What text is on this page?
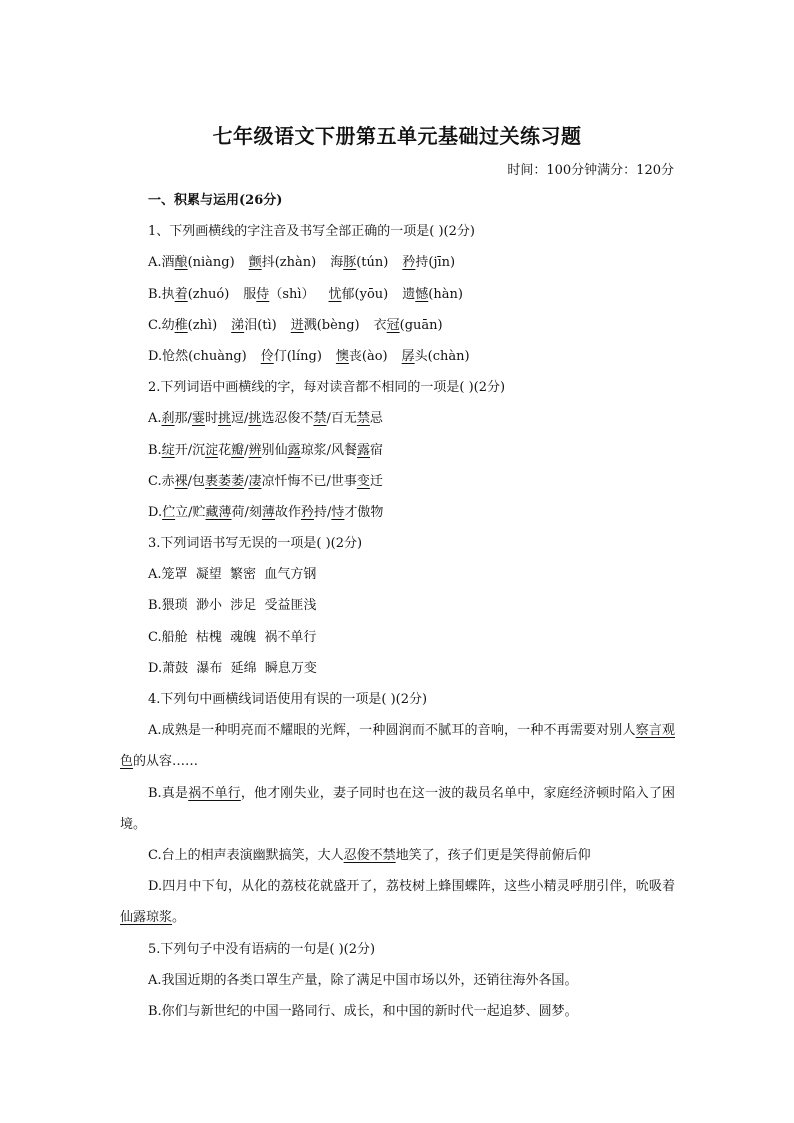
七年级语文下册第五单元基础过关练习题
时间：100分钟满分：120分
一、积累与运用(26分)
1、下列画横线的字注音及书写全部正确的一项是( )(2分)
A.酒酿(niàng) 颤抖(zhàn) 海豚(tún) 矜持(jīn)
B.执着(zhuó) 服侍（shì） 忧郁(yōu) 遗憾(hàn)
C.幼稚(zhì) 涕泪(tì) 迸溅(bèng) 衣冠(guān)
D.怆然(chuàng) 伶仃(líng) 懊丧(ào) 孱头(chàn)
2.下列词语中画横线的字，每对读音都不相同的一项是( )(2分)
A.刹那/霎时挑逗/挑选忍俊不禁/百无禁忌
B.绽开/沉淀花瓣/辨别仙露琼浆/风餐露宿
C.赤裸/包裹萎萎/凄凉忏悔不已/世事变迁
D.伫立/贮藏薄荷/刻薄故作矜持/恃才傲物
3.下列词语书写无误的一项是( )(2分)
A.笼罩  凝望  繁密  血气方钢
B.猥琐  渺小  涉足  受益匪浅
C.船舱  枯槐  魂魄  祸不单行
D.萧鼓  瀑布  延绵  瞬息万变
4.下列句中画横线词语使用有误的一项是( )(2分)
A.成熟是一种明亮而不耀眼的光辉，一种圆润而不腻耳的音响，一种不再需要对别人察言观色的从容……
B.真是祸不单行，他才刚失业，妻子同时也在这一波的裁员名单中，家庭经济顿时陷入了困境。
C.台上的相声表演幽默搞笑，大人忍俊不禁地笑了，孩子们更是笑得前俯后仰
D.四月中下旬，从化的荔枝花就盛开了，荔枝树上蜂围蝶阵，这些小精灵呼朋引伴，吮吸着仙露琼浆。
5.下列句子中没有语病的一句是( )(2分)
A.我国近期的各类口罩生产量，除了满足中国市场以外，还销往海外各国。
B.你们与新世纪的中国一路同行、成长，和中国的新时代一起追梦、圆梦。
